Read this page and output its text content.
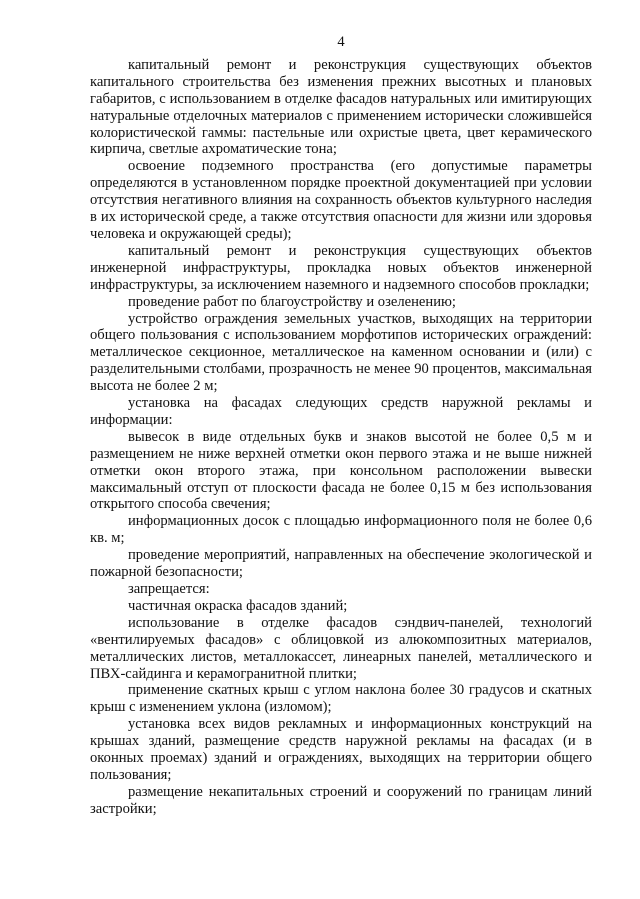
4

капитальный ремонт и реконструкция существующих объектов капитального строительства без изменения прежних высотных и плановых габаритов, с использованием в отделке фасадов натуральных или имитирующих натуральные отделочных материалов с применением исторически сложившейся колористической гаммы: пастельные или охристые цвета, цвет керамического кирпича, светлые ахроматические тона;

освоение подземного пространства (его допустимые параметры определяются в установленном порядке проектной документацией при условии отсутствия негативного влияния на сохранность объектов культурного наследия в их исторической среде, а также отсутствия опасности для жизни или здоровья человека и окружающей среды);

капитальный ремонт и реконструкция существующих объектов инженерной инфраструктуры, прокладка новых объектов инженерной инфраструктуры, за исключением наземного и надземного способов прокладки;

проведение работ по благоустройству и озеленению;

устройство ограждения земельных участков, выходящих на территории общего пользования с использованием морфотипов исторических ограждений: металлическое секционное, металлическое на каменном основании и (или) с разделительными столбами, прозрачность не менее 90 процентов, максимальная высота не более 2 м;

установка на фасадах следующих средств наружной рекламы и информации:

вывесок в виде отдельных букв и знаков высотой не более 0,5 м и размещением не ниже верхней отметки окон первого этажа и не выше нижней отметки окон второго этажа, при консольном расположении вывески максимальный отступ от плоскости фасада не более 0,15 м без использования открытого способа свечения;

информационных досок с площадью информационного поля не более 0,6 кв. м;

проведение мероприятий, направленных на обеспечение экологической и пожарной безопасности;

запрещается:

частичная окраска фасадов зданий;

использование в отделке фасадов сэндвич-панелей, технологий «вентилируемых фасадов» с облицовкой из алюкомпозитных материалов, металлических листов, металлокассет, линеарных панелей, металлического и ПВХ-сайдинга и керамогранитной плитки;

применение скатных крыш с углом наклона более 30 градусов и скатных крыш с изменением уклона (изломом);

установка всех видов рекламных и информационных конструкций на крышах зданий, размещение средств наружной рекламы на фасадах (и в оконных проемах) зданий и ограждениях, выходящих на территории общего пользования;

размещение некапитальных строений и сооружений по границам линий застройки;
